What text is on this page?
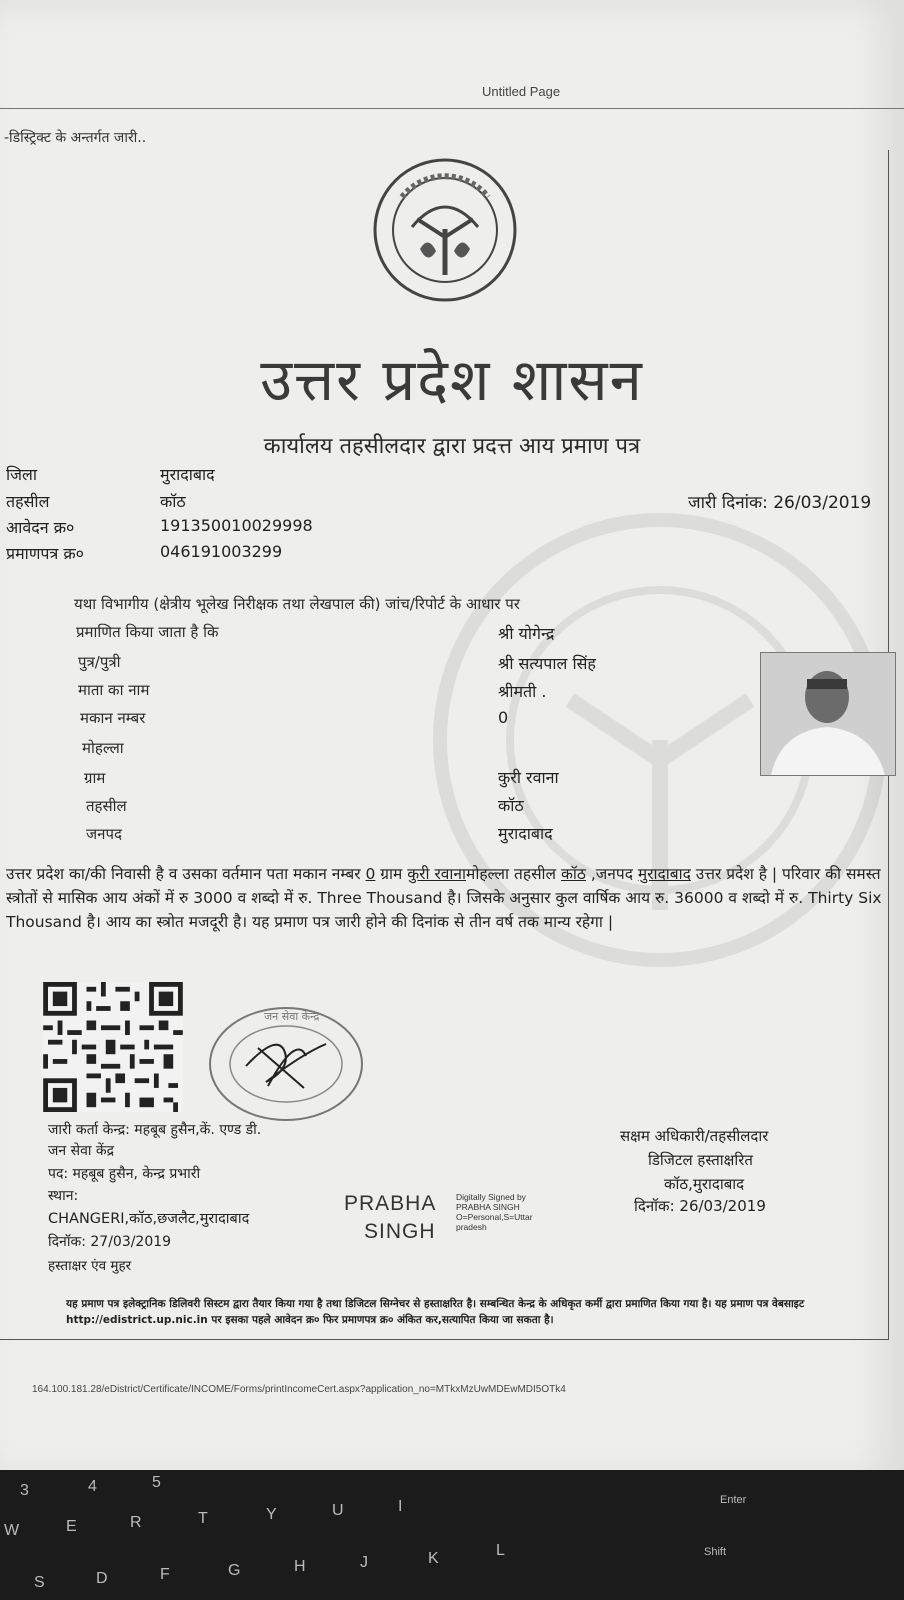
Untitled Page
-डिस्ट्रिक्ट के अन्तर्गत जारी..
उत्तर प्रदेश शासन
कार्यालय तहसीलदार द्वारा प्रदत्त आय प्रमाण पत्र
जिला	मुरादाबाद
तहसील	कॉठ
आवेदन क्र०	191350010029998
प्रमाणपत्र क्र०	046191003299
जारी दिनांक: 26/03/2019
यथा विभागीय (क्षेत्रीय भूलेख निरीक्षक तथा लेखपाल की) जांच/रिपोर्ट के आधार पर
प्रमाणित किया जाता है कि	श्री योगेन्द्र
पुत्र/पुत्री	श्री सत्यपाल सिंह
माता का नाम	श्रीमती .
मकान नम्बर	0
मोहल्ला
ग्राम	कुरी रवाना
तहसील	कॉठ
जनपद	मुरादाबाद
उत्तर प्रदेश का/की निवासी है व उसका वर्तमान पता मकान नम्बर 0 ग्राम कुरी रवानामोहल्ला तहसील कॉठ ,जनपद मुरादाबाद उत्तर प्रदेश है | परिवार की समस्त स्त्रोतों से मासिक आय अंकों में रु 3000 व शब्दो में रु. Three Thousand है। जिसके अनुसार कुल वार्षिक आय रु. 36000 व शब्दो में रु. Thirty Six Thousand है। आय का स्त्रोत मजदूरी है। यह प्रमाण पत्र जारी होने की दिनांक से तीन वर्ष तक मान्य रहेगा |
जन सेवा केन्द्र
जारी कर्ता केन्द्र: महबूब हुसैन,कें. एण्ड डी.
जन सेवा केंद्र
पद: महबूब हुसैन, केन्द्र प्रभारी
स्थान:
CHANGERI,कॉठ,छजलैट,मुरादाबाद
दिनॉक: 27/03/2019
हस्ताक्षर एंव मुहर
PRABHA
SINGH
Digitally Signed by
PRABHA SINGH
O=Personal,S=Uttar
pradesh
सक्षम अधिकारी/तहसीलदार
डिजिटल हस्ताक्षरित
कॉठ,मुरादाबाद
दिनॉक: 26/03/2019
यह प्रमाण पत्र इलेक्ट्रानिक डिलिवरी सिस्टम द्वारा तैयार किया गया है तथा डिजिटल सिग्नेचर से हस्ताक्षरित है। सम्बन्धित केन्द्र के अधिकृत कर्मी द्वारा प्रमाणित किया गया है। यह प्रमाण पत्र वेबसाइट http://edistrict.up.nic.in पर इसका पहले आवेदन क्र० फिर प्रमाणपत्र क्र० अंकित कर,सत्यापित किया जा सकता है।
164.100.181.28/eDistrict/Certificate/INCOME/Forms/printIncomeCert.aspx?application_no=MTkxMzUwMDEwMDI5OTk4
3	4	5
W	E	R	T	Y	U	I
S	D	F	G	H	J	K	L
Enter
Shift
